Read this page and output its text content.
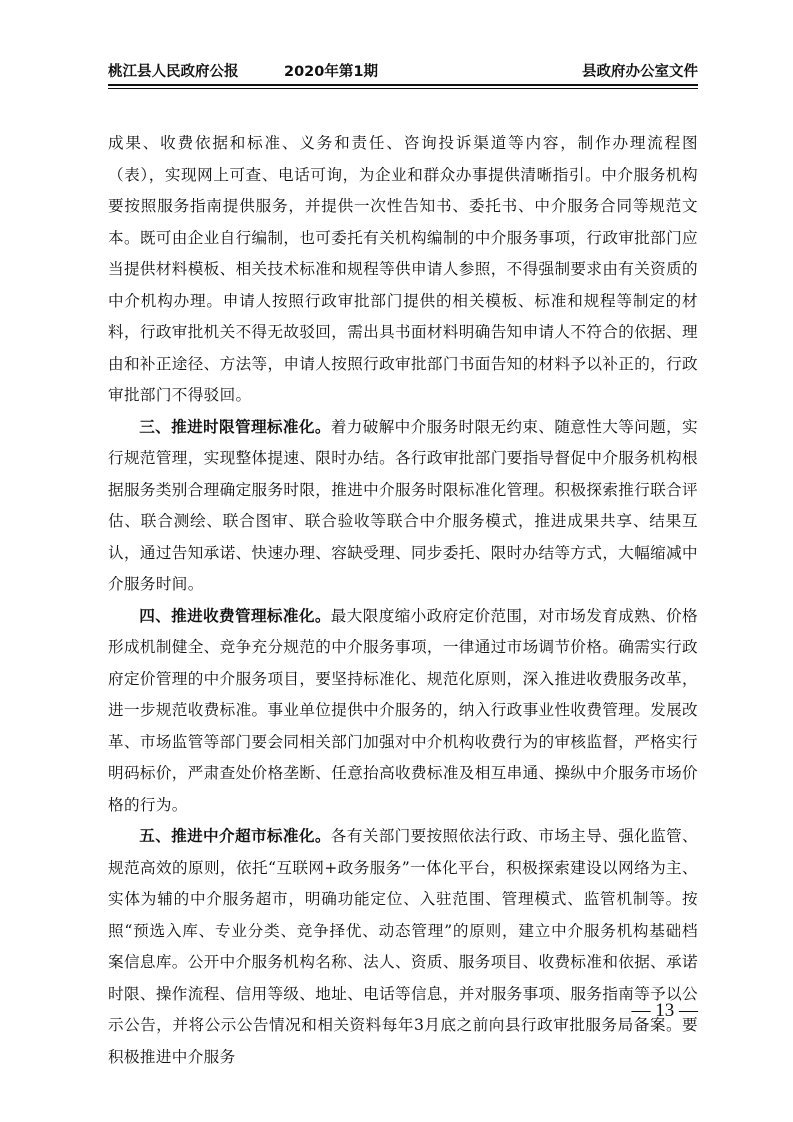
桃江县人民政府公报	2020年第1期	县政府办公室文件

成果、收费依据和标准、义务和责任、咨询投诉渠道等内容，制作办理流程图（表），实现网上可查、电话可询，为企业和群众办事提供清晰指引。中介服务机构要按照服务指南提供服务，并提供一次性告知书、委托书、中介服务合同等规范文本。既可由企业自行编制，也可委托有关机构编制的中介服务事项，行政审批部门应当提供材料模板、相关技术标准和规程等供申请人参照，不得强制要求由有关资质的中介机构办理。申请人按照行政审批部门提供的相关模板、标准和规程等制定的材料，行政审批机关不得无故驳回，需出具书面材料明确告知申请人不符合的依据、理由和补正途径、方法等，申请人按照行政审批部门书面告知的材料予以补正的，行政审批部门不得驳回。

三、推进时限管理标准化。着力破解中介服务时限无约束、随意性大等问题，实行规范管理，实现整体提速、限时办结。各行政审批部门要指导督促中介服务机构根据服务类别合理确定服务时限，推进中介服务时限标准化管理。积极探索推行联合评估、联合测绘、联合图审、联合验收等联合中介服务模式，推进成果共享、结果互认，通过告知承诺、快速办理、容缺受理、同步委托、限时办结等方式，大幅缩减中介服务时间。

四、推进收费管理标准化。最大限度缩小政府定价范围，对市场发育成熟、价格形成机制健全、竞争充分规范的中介服务事项，一律通过市场调节价格。确需实行政府定价管理的中介服务项目，要坚持标准化、规范化原则，深入推进收费服务改革，进一步规范收费标准。事业单位提供中介服务的，纳入行政事业性收费管理。发展改革、市场监管等部门要会同相关部门加强对中介机构收费行为的审核监督，严格实行明码标价，严肃查处价格垄断、任意抬高收费标准及相互串通、操纵中介服务市场价格的行为。

五、推进中介超市标准化。各有关部门要按照依法行政、市场主导、强化监管、规范高效的原则，依托“互联网+政务服务”一体化平台，积极探索建设以网络为主、实体为辅的中介服务超市，明确功能定位、入驻范围、管理模式、监管机制等。按照“预选入库、专业分类、竞争择优、动态管理”的原则，建立中介服务机构基础档案信息库。公开中介服务机构名称、法人、资质、服务项目、收费标准和依据、承诺时限、操作流程、信用等级、地址、电话等信息，并对服务事项、服务指南等予以公示公告，并将公示公告情况和相关资料每年3月底之前向县行政审批服务局备案。要积极推进中介服务

— 13 —
